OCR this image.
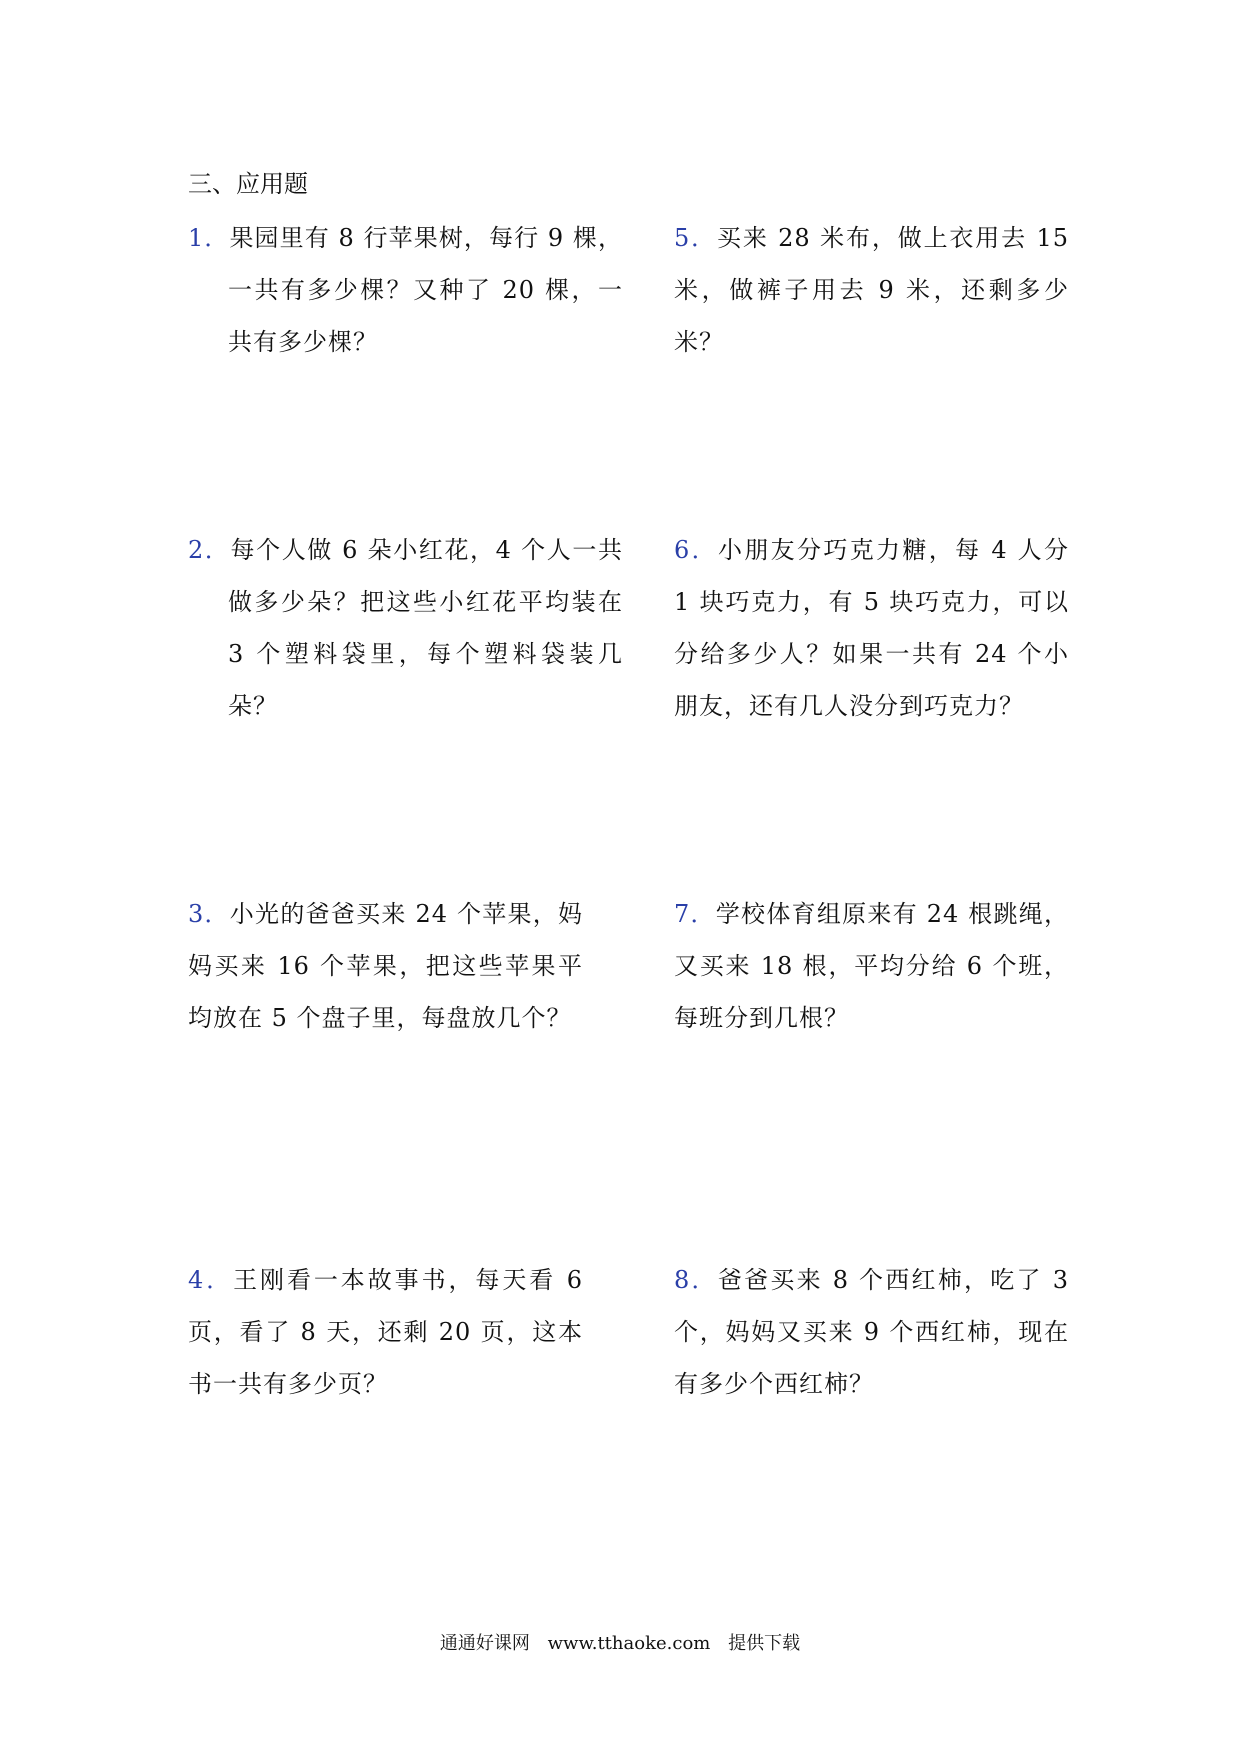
三、应用题
1．果园里有 8 行苹果树，每行 9 棵，一共有多少棵？又种了 20 棵，一共有多少棵？
2．每个人做 6 朵小红花，4 个人一共做多少朵？把这些小红花平均装在 3 个塑料袋里，每个塑料袋装几朵？
3．小光的爸爸买来 24 个苹果，妈妈买来 16 个苹果，把这些苹果平均放在 5 个盘子里，每盘放几个？
4．王刚看一本故事书，每天看 6 页，看了 8 天，还剩 20 页，这本书一共有多少页？
5．买来 28 米布，做上衣用去 15 米，做裤子用去 9 米，还剩多少米？
6．小朋友分巧克力糖，每 4 人分 1 块巧克力，有 5 块巧克力，可以分给多少人？如果一共有 24 个小朋友，还有几人没分到巧克力？
7．学校体育组原来有 24 根跳绳，又买来 18 根，平均分给 6 个班，每班分到几根？
8．爸爸买来 8 个西红柿，吃了 3 个，妈妈又买来 9 个西红柿，现在有多少个西红柿？
通通好课网 www.tthaoke.com 提供下载
